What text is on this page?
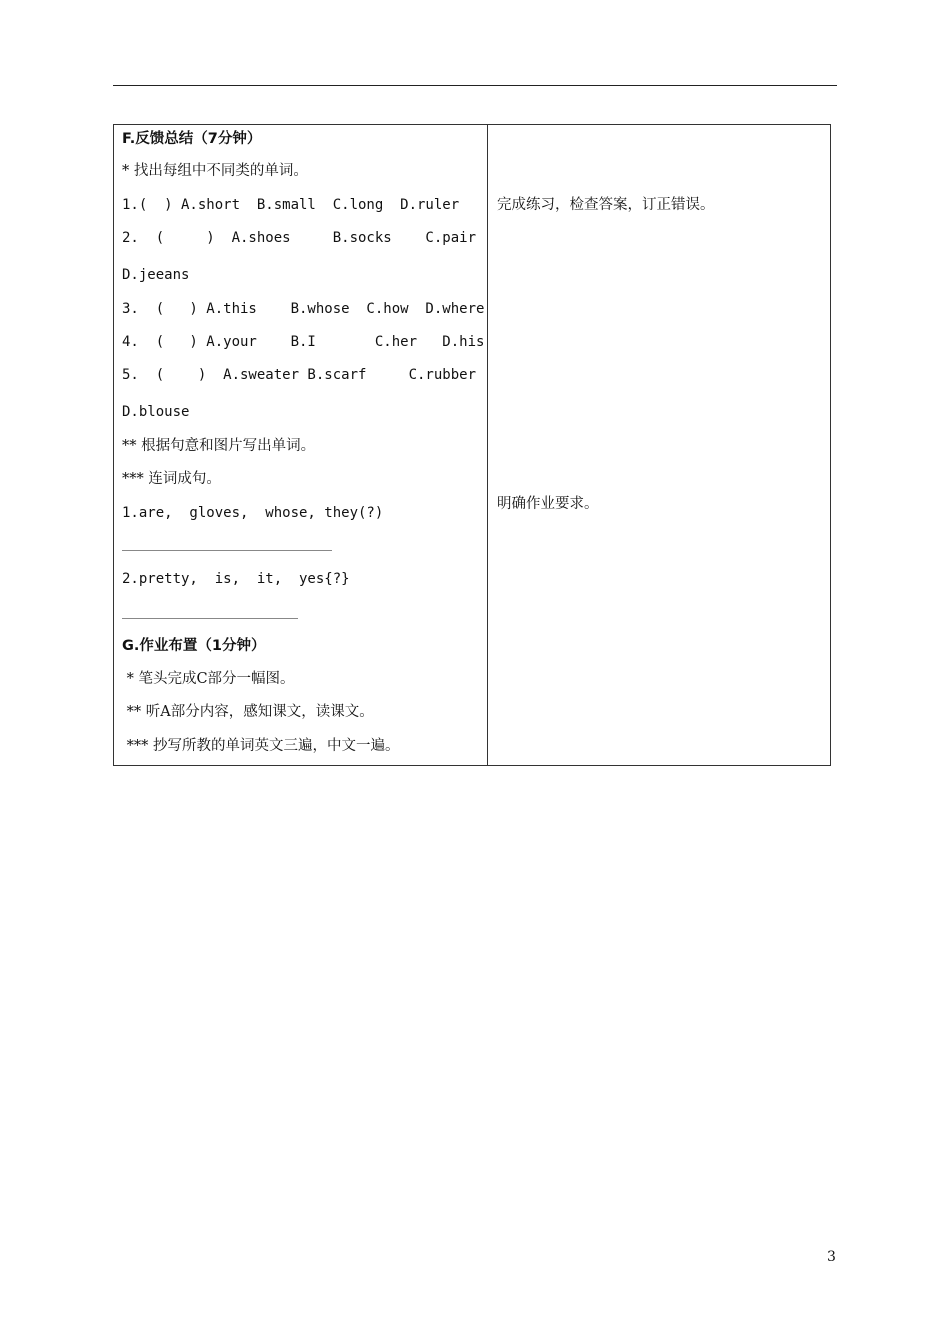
F.反馈总结（7分钟）
* 找出每组中不同类的单词。
1.(  ) A.short  B.small  C.long  D.ruler
2.  (     )  A.shoes     B.socks    C.pair
D.jeeans
3.  (   ) A.this    B.whose  C.how  D.where
4.  (   ) A.your    B.I       C.her   D.his
5.  (    )  A.sweater B.scarf     C.rubber
D.blouse
** 根据句意和图片写出单词。
*** 连词成句。
1.are,  gloves,  whose, they(?)
2.pretty,  is,  it,  yes{?}
G.作业布置（1分钟）
* 笔头完成C部分一幅图。
** 听A部分内容，感知课文，读课文。
*** 抄写所教的单词英文三遍，中文一遍。
完成练习，检查答案，订正错误。
明确作业要求。
3
